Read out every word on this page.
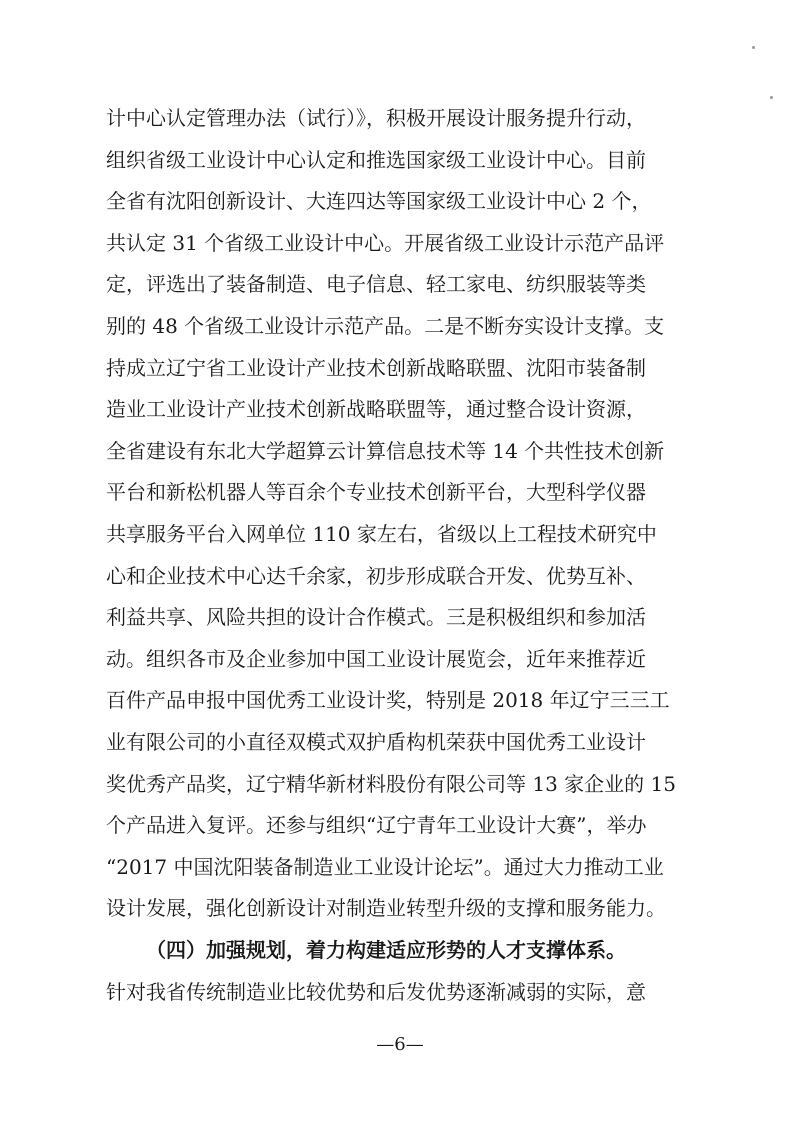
计中心认定管理办法（试行）》，积极开展设计服务提升行动，
组织省级工业设计中心认定和推选国家级工业设计中心。目前
全省有沈阳创新设计、大连四达等国家级工业设计中心 2 个，
共认定 31 个省级工业设计中心。开展省级工业设计示范产品评
定，评选出了装备制造、电子信息、轻工家电、纺织服装等类
别的 48 个省级工业设计示范产品。二是不断夯实设计支撑。支
持成立辽宁省工业设计产业技术创新战略联盟、沈阳市装备制
造业工业设计产业技术创新战略联盟等，通过整合设计资源，
全省建设有东北大学超算云计算信息技术等 14 个共性技术创新
平台和新松机器人等百余个专业技术创新平台，大型科学仪器
共享服务平台入网单位 110 家左右，省级以上工程技术研究中
心和企业技术中心达千余家，初步形成联合开发、优势互补、
利益共享、风险共担的设计合作模式。三是积极组织和参加活
动。组织各市及企业参加中国工业设计展览会，近年来推荐近
百件产品申报中国优秀工业设计奖，特别是 2018 年辽宁三三工
业有限公司的小直径双模式双护盾构机荣获中国优秀工业设计
奖优秀产品奖，辽宁精华新材料股份有限公司等 13 家企业的 15
个产品进入复评。还参与组织“辽宁青年工业设计大赛”，举办
“2017 中国沈阳装备制造业工业设计论坛”。通过大力推动工业
设计发展，强化创新设计对制造业转型升级的支撑和服务能力。
（四）加强规划，着力构建适应形势的人才支撑体系。
针对我省传统制造业比较优势和后发优势逐渐减弱的实际，意
—6—
